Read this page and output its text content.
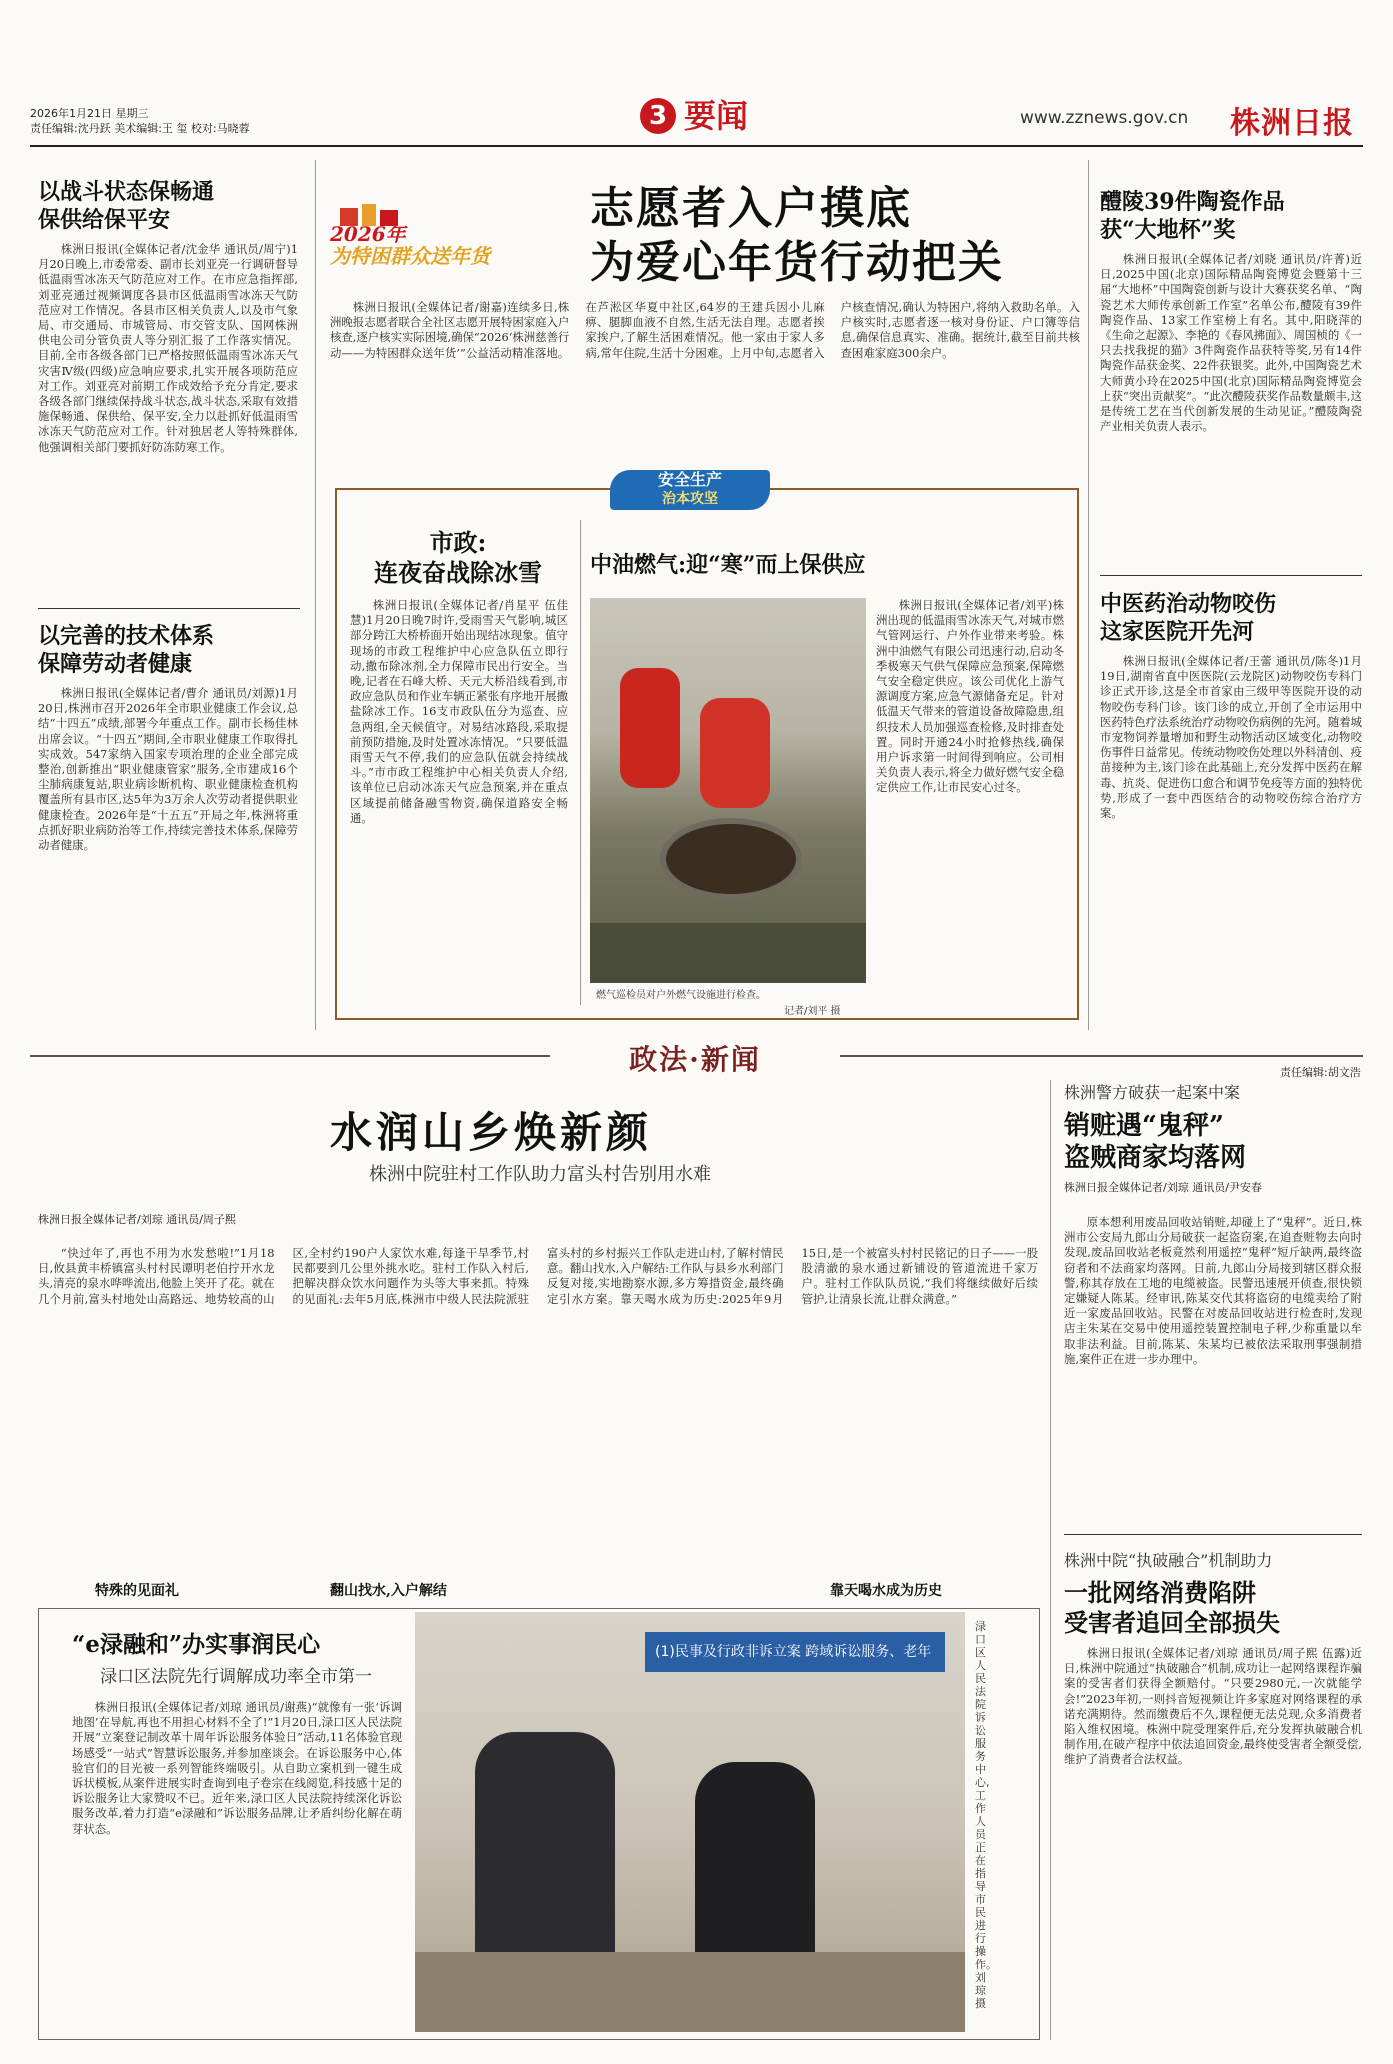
2026年1月21日 星期三
责任编辑:沈丹跃 美术编辑:王 玺 校对:马晓蓉	3 要闻	www.zznews.gov.cn 株洲日报
以战斗状态保畅通
保供给保平安

株洲日报讯(全媒体记者/沈金华 通讯员/周宁)1月20日晚上,市委常委、副市长刘亚亮一行调研督导低温雨雪冰冻天气防范应对工作。在市应急指挥部,刘亚亮通过视频调度各县市区低温雨雪冰冻天气防范应对工作情况。各县市区相关负责人,以及市气象局、市交通局、市城管局、市交管支队、国网株洲供电公司分管负责人等分别汇报了工作落实情况。目前,全市各级各部门已严格按照低温雨雪冰冻天气灾害Ⅳ级(四级)应急响应要求,扎实开展各项防范应对工作。刘亚亮对前期工作成效给予充分肯定,要求各级各部门继续保持战斗状态,战斗状态,采取有效措施保畅通、保供给、保平安,全力以赴抓好低温雨雪冰冻天气防范应对工作。针对独居老人等特殊群体,他强调相关部门要抓好防冻防寒工作。

以完善的技术体系
保障劳动者健康

株洲日报讯(全媒体记者/曹介 通讯员/刘源)1月20日,株洲市召开2026年全市职业健康工作会议,总结“十四五”成绩,部署今年重点工作。副市长杨佳林出席会议。“十四五”期间,全市职业健康工作取得扎实成效。547家纳入国家专项治理的企业全部完成整治,创新推出“职业健康管家”服务,全市建成16个尘肺病康复站,职业病诊断机构、职业健康检查机构覆盖所有县市区,达5年为3万余人次劳动者提供职业健康检查。2026年是“十五五”开局之年,株洲将重点抓好职业病防治等工作,持续完善技术体系,保障劳动者健康。

2026年
为特困群众送年货
志愿者入户摸底
为爱心年货行动把关

株洲日报讯(全媒体记者/谢嘉)连续多日,株洲晚报志愿者联合全社区志愿开展特困家庭入户核查,逐户核实实际困境,确保“2026‘株洲慈善行动——为特困群众送年货’”公益活动精准落地。在芦淞区华夏中社区,64岁的王建兵因小儿麻痹、腿脚血液不自然,生活无法自理。志愿者挨家挨户,了解生活困难情况。他一家由于家人多病,常年住院,生活十分困难。上月中旬,志愿者入户核查情况,确认为特困户,将纳入救助名单。入户核实时,志愿者逐一核对身份证、户口簿等信息,确保信息真实、准确。据统计,截至目前共核查困难家庭300余户。

安全生产
治本攻坚
市政:
连夜奋战除冰雪

株洲日报讯(全媒体记者/肖星平 伍佳慧)1月20日晚7时许,受雨雪天气影响,城区部分跨江大桥桥面开始出现结冰现象。值守现场的市政工程维护中心应急队伍立即行动,撒布除冰剂,全力保障市民出行安全。当晚,记者在石峰大桥、天元大桥沿线看到,市政应急队员和作业车辆正紧张有序地开展撒盐除冰工作。16支市政队伍分为巡查、应急两组,全天候值守。对易结冰路段,采取提前预防措施,及时处置冰冻情况。“只要低温雨雪天气不停,我们的应急队伍就会持续战斗。”市市政工程维护中心相关负责人介绍,该单位已启动冰冻天气应急预案,并在重点区域提前储备融雪物资,确保道路安全畅通。

中油燃气:迎“寒”而上保供应
燃气巡检员对户外燃气设施进行检查。
记者/刘平 摄

株洲日报讯(全媒体记者/刘平)株洲出现的低温雨雪冰冻天气,对城市燃气管网运行、户外作业带来考验。株洲中油燃气有限公司迅速行动,启动冬季极寒天气供气保障应急预案,保障燃气安全稳定供应。该公司优化上游气源调度方案,应急气源储备充足。针对低温天气带来的管道设备故障隐患,组织技术人员加强巡查检修,及时排查处置。同时开通24小时抢修热线,确保用户诉求第一时间得到响应。公司相关负责人表示,将全力做好燃气安全稳定供应工作,让市民安心过冬。

醴陵39件陶瓷作品
获“大地杯”奖

株洲日报讯(全媒体记者/刘晓 通讯员/许菁)近日,2025中国(北京)国际精品陶瓷博览会暨第十三届“大地杯”中国陶瓷创新与设计大赛获奖名单、“陶瓷艺术大师传承创新工作室”名单公布,醴陵有39件陶瓷作品、13家工作室榜上有名。其中,阳晓萍的《生命之起源》、李艳的《春风拂面》、周国桢的《一只去找我捉的猫》3件陶瓷作品获特等奖,另有14件陶瓷作品获金奖、22件获银奖。此外,中国陶瓷艺术大师黄小玲在2025中国(北京)国际精品陶瓷博览会上获“突出贡献奖”。“此次醴陵获奖作品数量颇丰,这是传统工艺在当代创新发展的生动见证。”醴陵陶瓷产业相关负责人表示。

中医药治动物咬伤
这家医院开先河

株洲日报讯(全媒体记者/王蕾 通讯员/陈冬)1月19日,湖南省直中医医院(云龙院区)动物咬伤专科门诊正式开诊,这是全市首家由三级甲等医院开设的动物咬伤专科门诊。该门诊的成立,开创了全市运用中医药特色疗法系统治疗动物咬伤病例的先河。随着城市宠物饲养量增加和野生动物活动区域变化,动物咬伤事件日益常见。传统动物咬伤处理以外科清创、疫苗接种为主,该门诊在此基础上,充分发挥中医药在解毒、抗炎、促进伤口愈合和调节免疫等方面的独特优势,形成了一套中西医结合的动物咬伤综合治疗方案。

政法·新闻	责任编辑:胡文浩
水润山乡焕新颜
株洲中院驻村工作队助力富头村告别用水难
株洲日报全媒体记者/刘琼 通讯员/周子熙

“快过年了,再也不用为水发愁啦!”1月18日,攸县黄丰桥镇富头村村民谭明老伯拧开水龙头,清亮的泉水哗哗流出,他脸上笑开了花。就在几个月前,富头村地处山高路远、地势较高的山区,全村约190户人家饮水难,每逢干旱季节,村民都要到几公里外挑水吃。驻村工作队入村后,把解决群众饮水问题作为头等大事来抓。特殊的见面礼:去年5月底,株洲市中级人民法院派驻富头村的乡村振兴工作队走进山村,了解村情民意。翻山找水,入户解结:工作队与县乡水利部门反复对接,实地勘察水源,多方筹措资金,最终确定引水方案。靠天喝水成为历史:2025年9月15日,是一个被富头村村民铭记的日子——一股股清澈的泉水通过新铺设的管道流进千家万户。驻村工作队队员说,“我们将继续做好后续管护,让清泉长流,让群众满意。”

特殊的见面礼	翻山找水,入户解结	靠天喝水成为历史
株洲警方破获一起案中案
销赃遇“鬼秤”
盗贼商家均落网
株洲日报全媒体记者/刘琼 通讯员/尹安春

原本想利用废品回收站销赃,却碰上了“鬼秤”。近日,株洲市公安局九郎山分局破获一起盗窃案,在追查赃物去向时发现,废品回收站老板竟然利用遥控“鬼秤”短斤缺两,最终盗窃者和不法商家均落网。日前,九郎山分局接到辖区群众报警,称其存放在工地的电缆被盗。民警迅速展开侦查,很快锁定嫌疑人陈某。经审讯,陈某交代其将盗窃的电缆卖给了附近一家废品回收站。民警在对废品回收站进行检查时,发现店主朱某在交易中使用遥控装置控制电子秤,少称重量以牟取非法利益。目前,陈某、朱某均已被依法采取刑事强制措施,案件正在进一步办理中。

株洲中院“执破融合”机制助力
一批网络消费陷阱
受害者追回全部损失

株洲日报讯(全媒体记者/刘琼 通讯员/周子熙 伍露)近日,株洲中院通过“执破融合”机制,成功让一起网络课程诈骗案的受害者们获得全额赔付。“只要2980元,一次就能学会!”2023年初,一则抖音短视频让许多家庭对网络课程的承诺充满期待。然而缴费后不久,课程便无法兑现,众多消费者陷入维权困境。株洲中院受理案件后,充分发挥执破融合机制作用,在破产程序中依法追回资金,最终使受害者全额受偿,维护了消费者合法权益。

“e渌融和”办实事润民心
渌口区法院先行调解成功率全市第一

株洲日报讯(全媒体记者/刘琼 通讯员/谢燕)“就像有一张‘诉调地图’在导航,再也不用担心材料不全了!”1月20日,渌口区人民法院开展“立案登记制改革十周年诉讼服务体验日”活动,11名体验官现场感受“一站式”智慧诉讼服务,并参加座谈会。在诉讼服务中心,体验官们的目光被一系列智能终端吸引。从自助立案机到一键生成诉状模板,从案件进展实时查询到电子卷宗在线阅览,科技感十足的诉讼服务让大家赞叹不已。近年来,渌口区人民法院持续深化诉讼服务改革,着力打造“e渌融和”诉讼服务品牌,让矛盾纠纷化解在萌芽状态。

(1)民事及行政非诉立案 跨域诉讼服务、老年
渌口区人民法院诉讼服务中心,工作人员正在指导市民进行操作。刘琼 摄
